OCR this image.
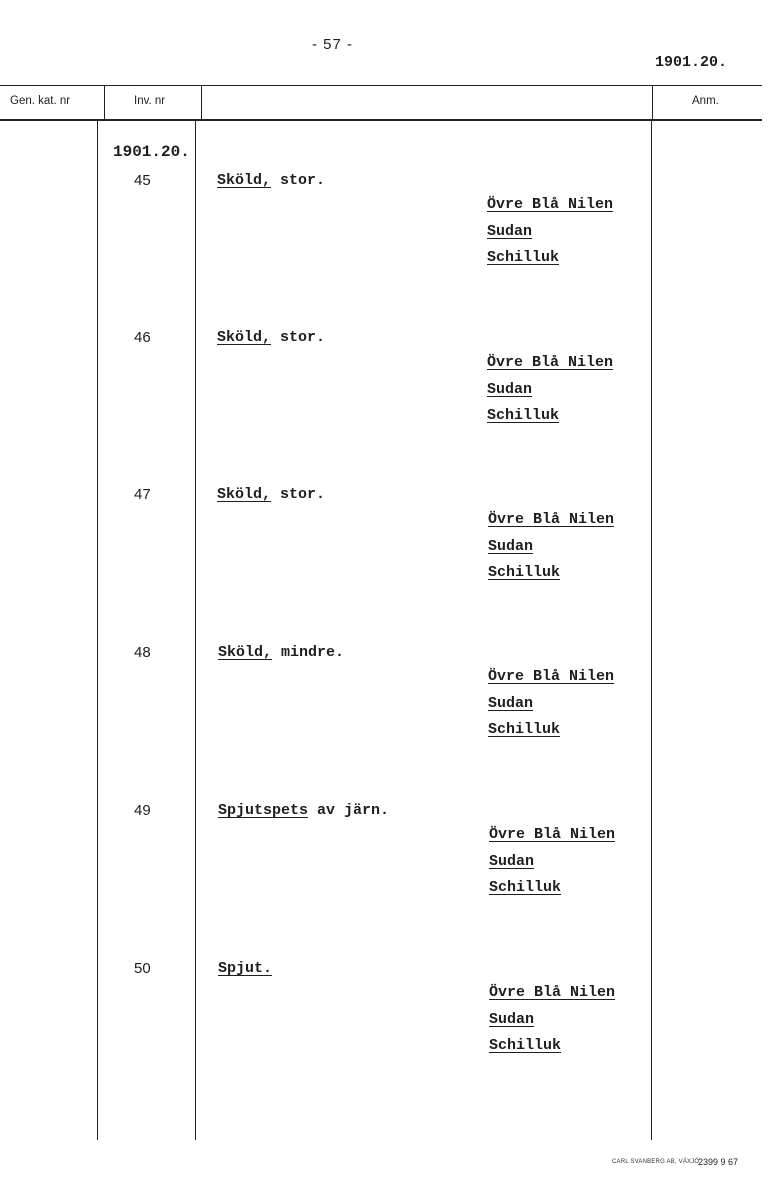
- 57 -
1901.20.
Gen. kat. nr	Inv. nr	Anm.
1901.20.
45	Sköld, stor.
Övre Blå Nilen
Sudan
Schilluk
46	Sköld, stor.
Övre Blå Nilen
Sudan
Schilluk
47	Sköld, stor.
Övre Blå Nilen
Sudan
Schilluk
48	Sköld, mindre.
Övre Blå Nilen
Sudan
Schilluk
49	Spjutspets av järn.
Övre Blå Nilen
Sudan
Schilluk
50	Spjut.
Övre Blå Nilen
Sudan
Schilluk
CARL SVANBERG AB, VÄXJÖ
2399 9 67
